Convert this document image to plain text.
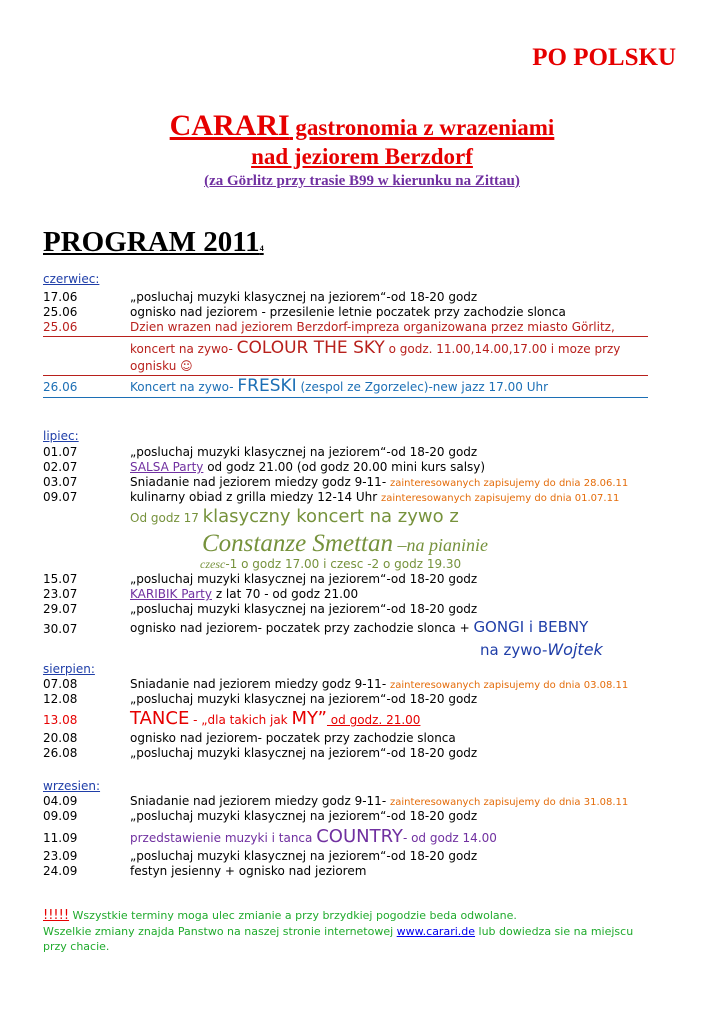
PO POLSKU
CARARI gastronomia z wrazeniami
nad jeziorem Berzdorf
(za Görlitz przy trasie B99 w kierunku na Zittau)
PROGRAM 20114
czerwiec:
17.06	„posluchaj muzyki klasycznej na jeziorem“-od 18-20 godz
25.06	ognisko nad jeziorem - przesilenie letnie poczatek przy zachodzie slonca
25.06	Dzien wrazen nad jeziorem Berzdorf-impreza organizowana przez miasto Görlitz,
koncert na zywo- COLOUR THE SKY o godz. 11.00,14.00,17.00 i moze przy
ognisku ☺
26.06	Koncert na zywo- FRESKI (zespol ze Zgorzelec)-new jazz 17.00 Uhr
lipiec:
01.07	„posluchaj muzyki klasycznej na jeziorem“-od 18-20 godz
02.07	SALSA Party od godz 21.00 (od godz 20.00 mini kurs salsy)
03.07	Sniadanie nad jeziorem miedzy godz 9-11- zainteresowanych zapisujemy do dnia 28.06.11
09.07	kulinarny obiad z grilla miedzy 12-14 Uhr zainteresowanych zapisujemy do dnia 01.07.11
Od godz 17 klasyczny koncert na zywo z
Constanze Smettan –na pianinie
czesc-1 o godz 17.00 i czesc -2 o godz 19.30
15.07	„posluchaj muzyki klasycznej na jeziorem“-od 18-20 godz
23.07	KARIBIK Party z lat 70 - od godz 21.00
29.07	„posluchaj muzyki klasycznej na jeziorem“-od 18-20 godz
30.07	ognisko nad jeziorem- poczatek przy zachodzie slonca + GONGI i BEBNY
na zywo-Wojtek
sierpien:
07.08	Sniadanie nad jeziorem miedzy godz 9-11- zainteresowanych zapisujemy do dnia 03.08.11
12.08	„posluchaj muzyki klasycznej na jeziorem“-od 18-20 godz
13.08	TANCE - „dla takich jak MY” od godz. 21.00
20.08	ognisko nad jeziorem- poczatek przy zachodzie slonca
26.08	„posluchaj muzyki klasycznej na jeziorem“-od 18-20 godz
wrzesien:
04.09	Sniadanie nad jeziorem miedzy godz 9-11- zainteresowanych zapisujemy do dnia 31.08.11
09.09	„posluchaj muzyki klasycznej na jeziorem“-od 18-20 godz
11.09	przedstawienie muzyki i tanca COUNTRY- od godz 14.00
23.09	„posluchaj muzyki klasycznej na jeziorem“-od 18-20 godz
24.09	festyn jesienny + ognisko nad jeziorem
!!!!! Wszystkie terminy moga ulec zmianie a przy brzydkiej pogodzie beda odwolane.
Wszelkie zmiany znajda Panstwo na naszej stronie internetowej www.carari.de lub dowiedza sie na miejscu
przy chacie.
